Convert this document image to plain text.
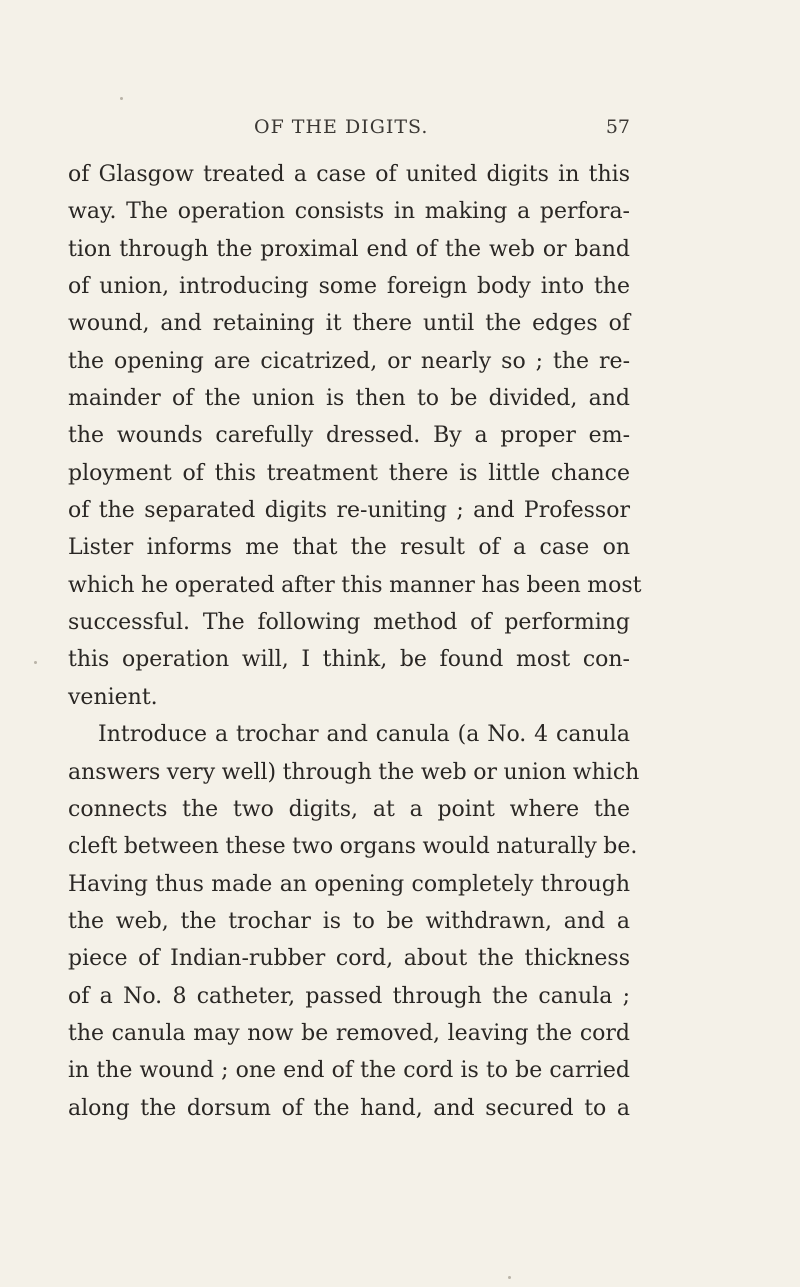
OF THE DIGITS.	57
of Glasgow treated a case of united digits in this
way. The operation consists in making a perfora-
tion through the proximal end of the web or band
of union, introducing some foreign body into the
wound, and retaining it there until the edges of
the opening are cicatrized, or nearly so ; the re-
mainder of the union is then to be divided, and
the wounds carefully dressed. By a proper em-
ployment of this treatment there is little chance
of the separated digits re-uniting ; and Professor
Lister informs me that the result of a case on
which he operated after this manner has been most
successful. The following method of performing
this operation will, I think, be found most con-
venient.
Introduce a trochar and canula (a No. 4 canula
answers very well) through the web or union which
connects the two digits, at a point where the
cleft between these two organs would naturally be.
Having thus made an opening completely through
the web, the trochar is to be withdrawn, and a
piece of Indian-rubber cord, about the thickness
of a No. 8 catheter, passed through the canula ;
the canula may now be removed, leaving the cord
in the wound ; one end of the cord is to be carried
along the dorsum of the hand, and secured to a
